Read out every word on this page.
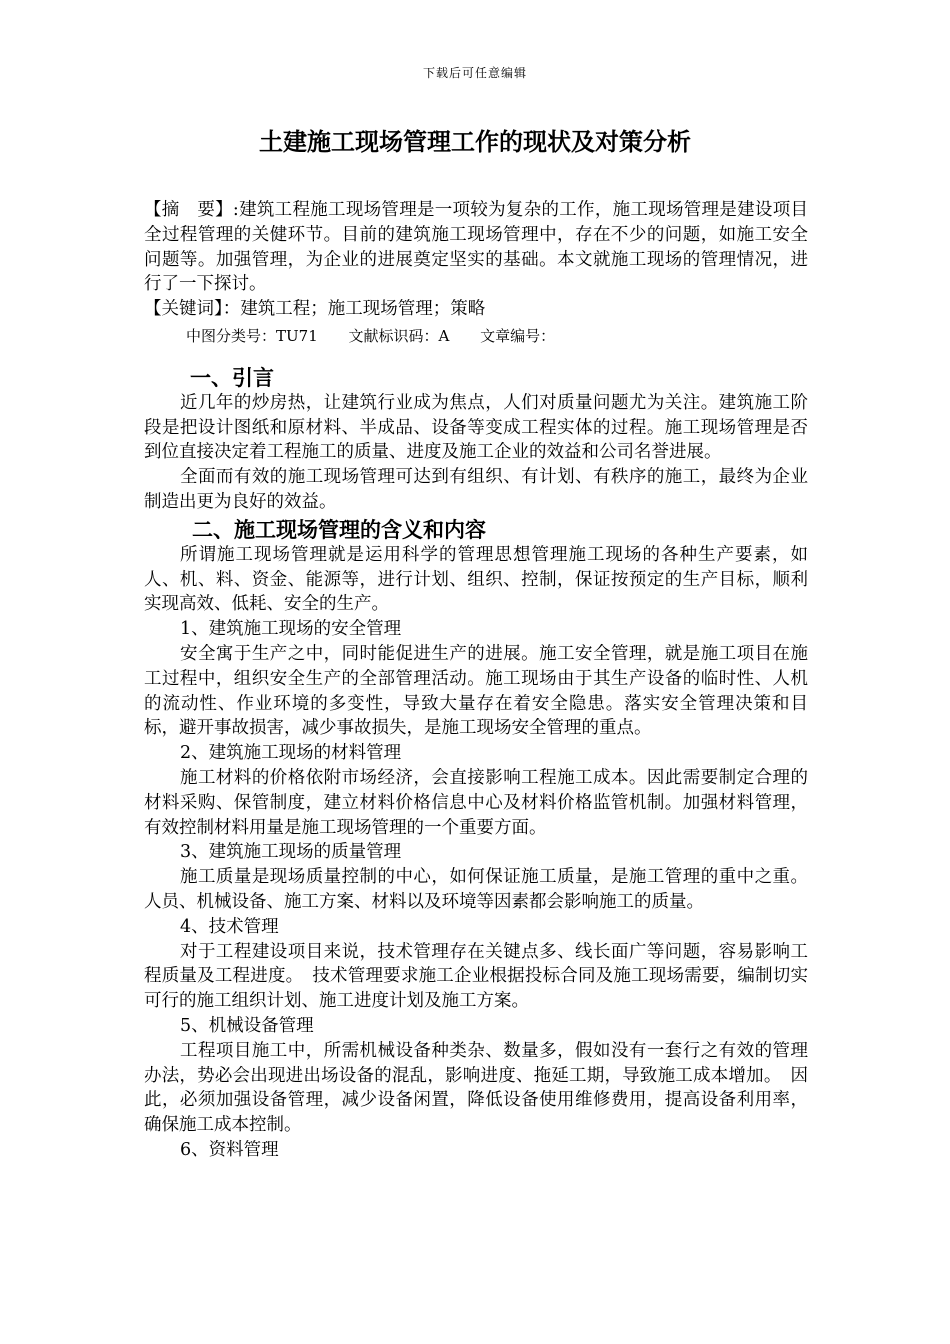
下载后可任意编辑
土建施工现场管理工作的现状及对策分析

【摘　要】:建筑工程施工现场管理是一项较为复杂的工作，施工现场管理是建设项目全过程管理的关健环节。目前的建筑施工现场管理中，存在不少的问题，如施工安全问题等。加强管理，为企业的进展奠定坚实的基础。本文就施工现场的管理情况，进行了一下探讨。

【关键词】：建筑工程；施工现场管理；策略

中图分类号：TU71 文献标识码：A 文章编号：

一、引言

近几年的炒房热，让建筑行业成为焦点，人们对质量问题尤为关注。建筑施工阶段是把设计图纸和原材料、半成品、设备等变成工程实体的过程。施工现场管理是否到位直接决定着工程施工的质量、进度及施工企业的效益和公司名誉进展。

全面而有效的施工现场管理可达到有组织、有计划、有秩序的施工，最终为企业制造出更为良好的效益。

二、施工现场管理的含义和内容

所谓施工现场管理就是运用科学的管理思想管理施工现场的各种生产要素，如人、机、料、资金、能源等，进行计划、组织、控制，保证按预定的生产目标，顺利实现高效、低耗、安全的生产。

1、建筑施工现场的安全管理

安全寓于生产之中，同时能促进生产的进展。施工安全管理，就是施工项目在施工过程中，组织安全生产的全部管理活动。施工现场由于其生产设备的临时性、人机的流动性、作业环境的多变性，导致大量存在着安全隐患。落实安全管理决策和目标，避开事故损害，减少事故损失，是施工现场安全管理的重点。

2、建筑施工现场的材料管理

施工材料的价格依附市场经济，会直接影响工程施工成本。因此需要制定合理的材料采购、保管制度，建立材料价格信息中心及材料价格监管机制。加强材料管理，有效控制材料用量是施工现场管理的一个重要方面。

3、建筑施工现场的质量管理

施工质量是现场质量控制的中心，如何保证施工质量，是施工管理的重中之重。人员、机械设备、施工方案、材料以及环境等因素都会影响施工的质量。

4、技术管理

对于工程建设项目来说，技术管理存在关键点多、线长面广等问题，容易影响工程质量及工程进度。　技术管理要求施工企业根据投标合同及施工现场需要，编制切实可行的施工组织计划、施工进度计划及施工方案。

5、机械设备管理

工程项目施工中，所需机械设备种类杂、数量多，假如没有一套行之有效的管理办法，势必会出现进出场设备的混乱，影响进度、拖延工期，导致施工成本增加。　因此，必须加强设备管理，减少设备闲置，降低设备使用维修费用，提高设备利用率，确保施工成本控制。

6、资料管理
